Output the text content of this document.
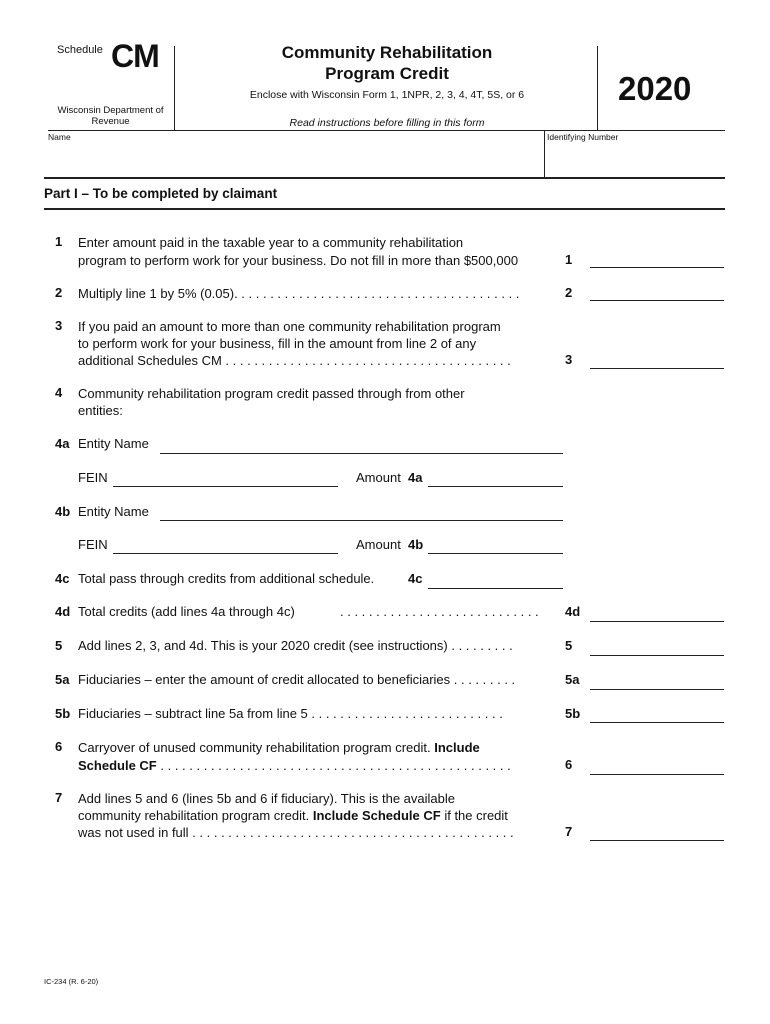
Schedule CM
Wisconsin Department of Revenue
Community Rehabilitation
Program Credit
Enclose with Wisconsin Form 1, 1NPR, 2, 3, 4, 4T, 5S, or 6
Read instructions before filling in this form
2020
Name	Identifying Number
Part I – To be completed by claimant
1 Enter amount paid in the taxable year to a community rehabilitation
program to perform work for your business. Do not fill in more than $500,000	1
2 Multiply line 1 by 5% (0.05). . . . . . . . . . . . . . . . . . . . . . . . . . . . . . . . . . . . . . . .	2
3 If you paid an amount to more than one community rehabilitation program
to perform work for your business, fill in the amount from line 2 of any
additional Schedules CM . . . . . . . . . . . . . . . . . . . . . . . . . . . . . . . . . . . . . . . .	3
4 Community rehabilitation program credit passed through from other
entities:
4a Entity Name
FEIN	Amount 4a
4b Entity Name
FEIN	Amount 4b
4c Total pass through credits from additional schedule.	4c
4d Total credits (add lines 4a through 4c)	. . . . . . . . . . . . . . . . . . . . . . . . . . . . 4d
5 Add lines 2, 3, and 4d. This is your 2020 credit (see instructions) . . . . . . . . .	5
5a Fiduciaries – enter the amount of credit allocated to beneficiaries . . . . . . . . .	5a
5b Fiduciaries – subtract line 5a from line 5 . . . . . . . . . . . . . . . . . . . . . . . . . . .	5b
6 Carryover of unused community rehabilitation program credit. Include
Schedule CF . . . . . . . . . . . . . . . . . . . . . . . . . . . . . . . . . . . . . . . . . . . . . . . . .	6
7 Add lines 5 and 6 (lines 5b and 6 if fiduciary). This is the available
community rehabilitation program credit. Include Schedule CF if the credit
was not used in full . . . . . . . . . . . . . . . . . . . . . . . . . . . . . . . . . . . . . . . . . . . . .	7
IC-234 (R. 6-20)
